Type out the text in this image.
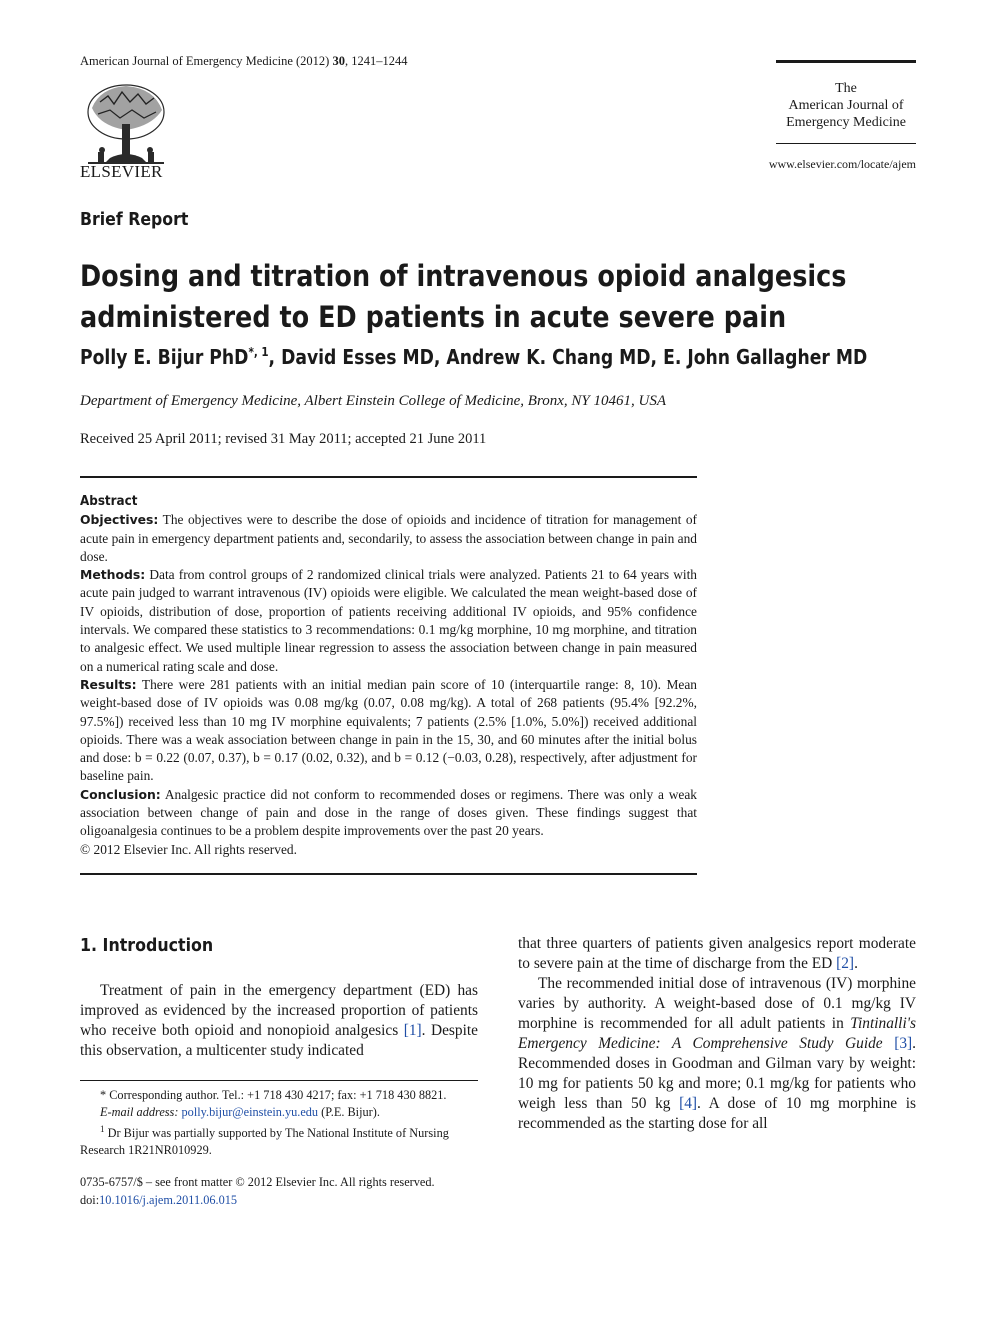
American Journal of Emergency Medicine (2012) 30, 1241–1244
ELSEVIER
The
American Journal of
Emergency Medicine
www.elsevier.com/locate/ajem
Brief Report
Dosing and titration of intravenous opioid analgesics
administered to ED patients in acute severe pain
Polly E. Bijur PhD$^{*, 1}$, David Esses MD, Andrew K. Chang MD, E. John Gallagher MD
Department of Emergency Medicine, Albert Einstein College of Medicine, Bronx, NY 10461, USA
Received 25 April 2011; revised 31 May 2011; accepted 21 June 2011
Abstract

Objectives: The objectives were to describe the dose of opioids and incidence of titration for management of acute pain in emergency department patients and, secondarily, to assess the association between change in pain and dose.

Methods: Data from control groups of 2 randomized clinical trials were analyzed. Patients 21 to 64 years with acute pain judged to warrant intravenous (IV) opioids were eligible. We calculated the mean weight-based dose of IV opioids, distribution of dose, proportion of patients receiving additional IV opioids, and 95% confidence intervals. We compared these statistics to 3 recommendations: 0.1 mg/kg morphine, 10 mg morphine, and titration to analgesic effect. We used multiple linear regression to assess the association between change in pain measured on a numerical rating scale and dose.

Results: There were 281 patients with an initial median pain score of 10 (interquartile range: 8, 10). Mean weight-based dose of IV opioids was 0.08 mg/kg (0.07, 0.08 mg/kg). A total of 268 patients (95.4% [92.2%, 97.5%]) received less than 10 mg IV morphine equivalents; 7 patients (2.5% [1.0%, 5.0%]) received additional opioids. There was a weak association between change in pain in the 15, 30, and 60 minutes after the initial bolus and dose: b = 0.22 (0.07, 0.37), b = 0.17 (0.02, 0.32), and b = 0.12 (−0.03, 0.28), respectively, after adjustment for baseline pain.

Conclusion: Analgesic practice did not conform to recommended doses or regimens. There was only a weak association between change of pain and dose in the range of doses given. These findings suggest that oligoanalgesia continues to be a problem despite improvements over the past 20 years.

© 2012 Elsevier Inc. All rights reserved.

1. Introduction

Treatment of pain in the emergency department (ED) has improved as evidenced by the increased proportion of patients who receive both opioid and nonopioid analgesics [1]. Despite this observation, a multicenter study indicated

that three quarters of patients given analgesics report moderate to severe pain at the time of discharge from the ED [2].

The recommended initial dose of intravenous (IV) morphine varies by authority. A weight-based dose of 0.1 mg/kg IV morphine is recommended for all adult patients in Tintinalli's Emergency Medicine: A Comprehensive Study Guide [3]. Recommended doses in Goodman and Gilman vary by weight: 10 mg for patients 50 kg and more; 0.1 mg/kg for patients who weigh less than 50 kg [4]. A dose of 10 mg morphine is recommended as the starting dose for all

* Corresponding author. Tel.: +1 718 430 4217; fax: +1 718 430 8821.

E-mail address: polly.bijur@einstein.yu.edu (P.E. Bijur).

$^1$ Dr Bijur was partially supported by The National Institute of Nursing Research 1R21NR010929.

0735-6757/$ – see front matter © 2012 Elsevier Inc. All rights reserved.

doi:10.1016/j.ajem.2011.06.015
